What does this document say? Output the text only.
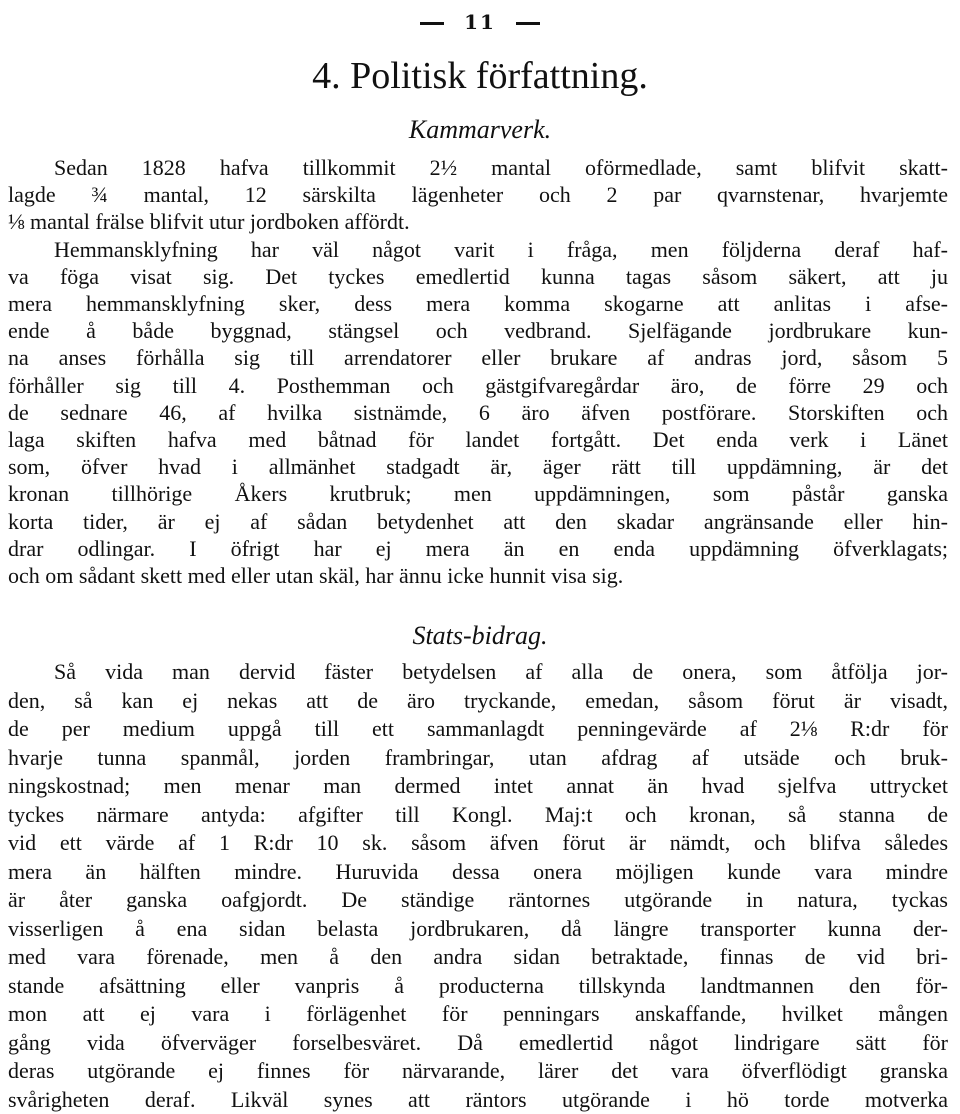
11
4. Politisk författning.
Kammarverk.
Sedan 1828 hafva tillkommit 2½ mantal oförmedlade, samt blifvit skatt-
lagde ¾ mantal, 12 särskilta lägenheter och 2 par qvarnstenar, hvarjemte
⅛ mantal frälse blifvit utur jordboken affördt.
Hemmansklyfning har väl något varit i fråga, men följderna deraf haf-
va föga visat sig. Det tyckes emedlertid kunna tagas såsom säkert, att ju
mera hemmansklyfning sker, dess mera komma skogarne att anlitas i afse-
ende å både byggnad, stängsel och vedbrand. Sjelfägande jordbrukare kun-
na anses förhålla sig till arrendatorer eller brukare af andras jord, såsom 5
förhåller sig till 4. Posthemman och gästgifvaregårdar äro, de förre 29 och
de sednare 46, af hvilka sistnämde, 6 äro äfven postförare. Storskiften och
laga skiften hafva med båtnad för landet fortgått. Det enda verk i Länet
som, öfver hvad i allmänhet stadgadt är, äger rätt till uppdämning, är det
kronan tillhörige Åkers krutbruk; men uppdämningen, som påstår ganska
korta tider, är ej af sådan betydenhet att den skadar angränsande eller hin-
drar odlingar. I öfrigt har ej mera än en enda uppdämning öfverklagats;
och om sådant skett med eller utan skäl, har ännu icke hunnit visa sig.
Stats-bidrag.
Så vida man dervid fäster betydelsen af alla de onera, som åtfölja jor-
den, så kan ej nekas att de äro tryckande, emedan, såsom förut är visadt,
de per medium uppgå till ett sammanlagdt penningevärde af 2⅛ R:dr för
hvarje tunna spanmål, jorden frambringar, utan afdrag af utsäde och bruk-
ningskostnad; men menar man dermed intet annat än hvad sjelfva uttrycket
tyckes närmare antyda: afgifter till Kongl. Maj:t och kronan, så stanna de
vid ett värde af 1 R:dr 10 sk. såsom äfven förut är nämdt, och blifva således
mera än hälften mindre. Huruvida dessa onera möjligen kunde vara mindre
är åter ganska oafgjordt. De ständige räntornes utgörande in natura, tyckas
visserligen å ena sidan belasta jordbrukaren, då längre transporter kunna der-
med vara förenade, men å den andra sidan betraktade, finnas de vid bri-
stande afsättning eller vanpris å producterna tillskynda landtmannen den för-
mon att ej vara i förlägenhet för penningars anskaffande, hvilket mången
gång vida öfverväger forselbesväret. Då emedlertid något lindrigare sätt för
deras utgörande ej finnes för närvarande, lärer det vara öfverflödigt granska
svårigheten deraf. Likväl synes att räntors utgörande i hö torde motverka
